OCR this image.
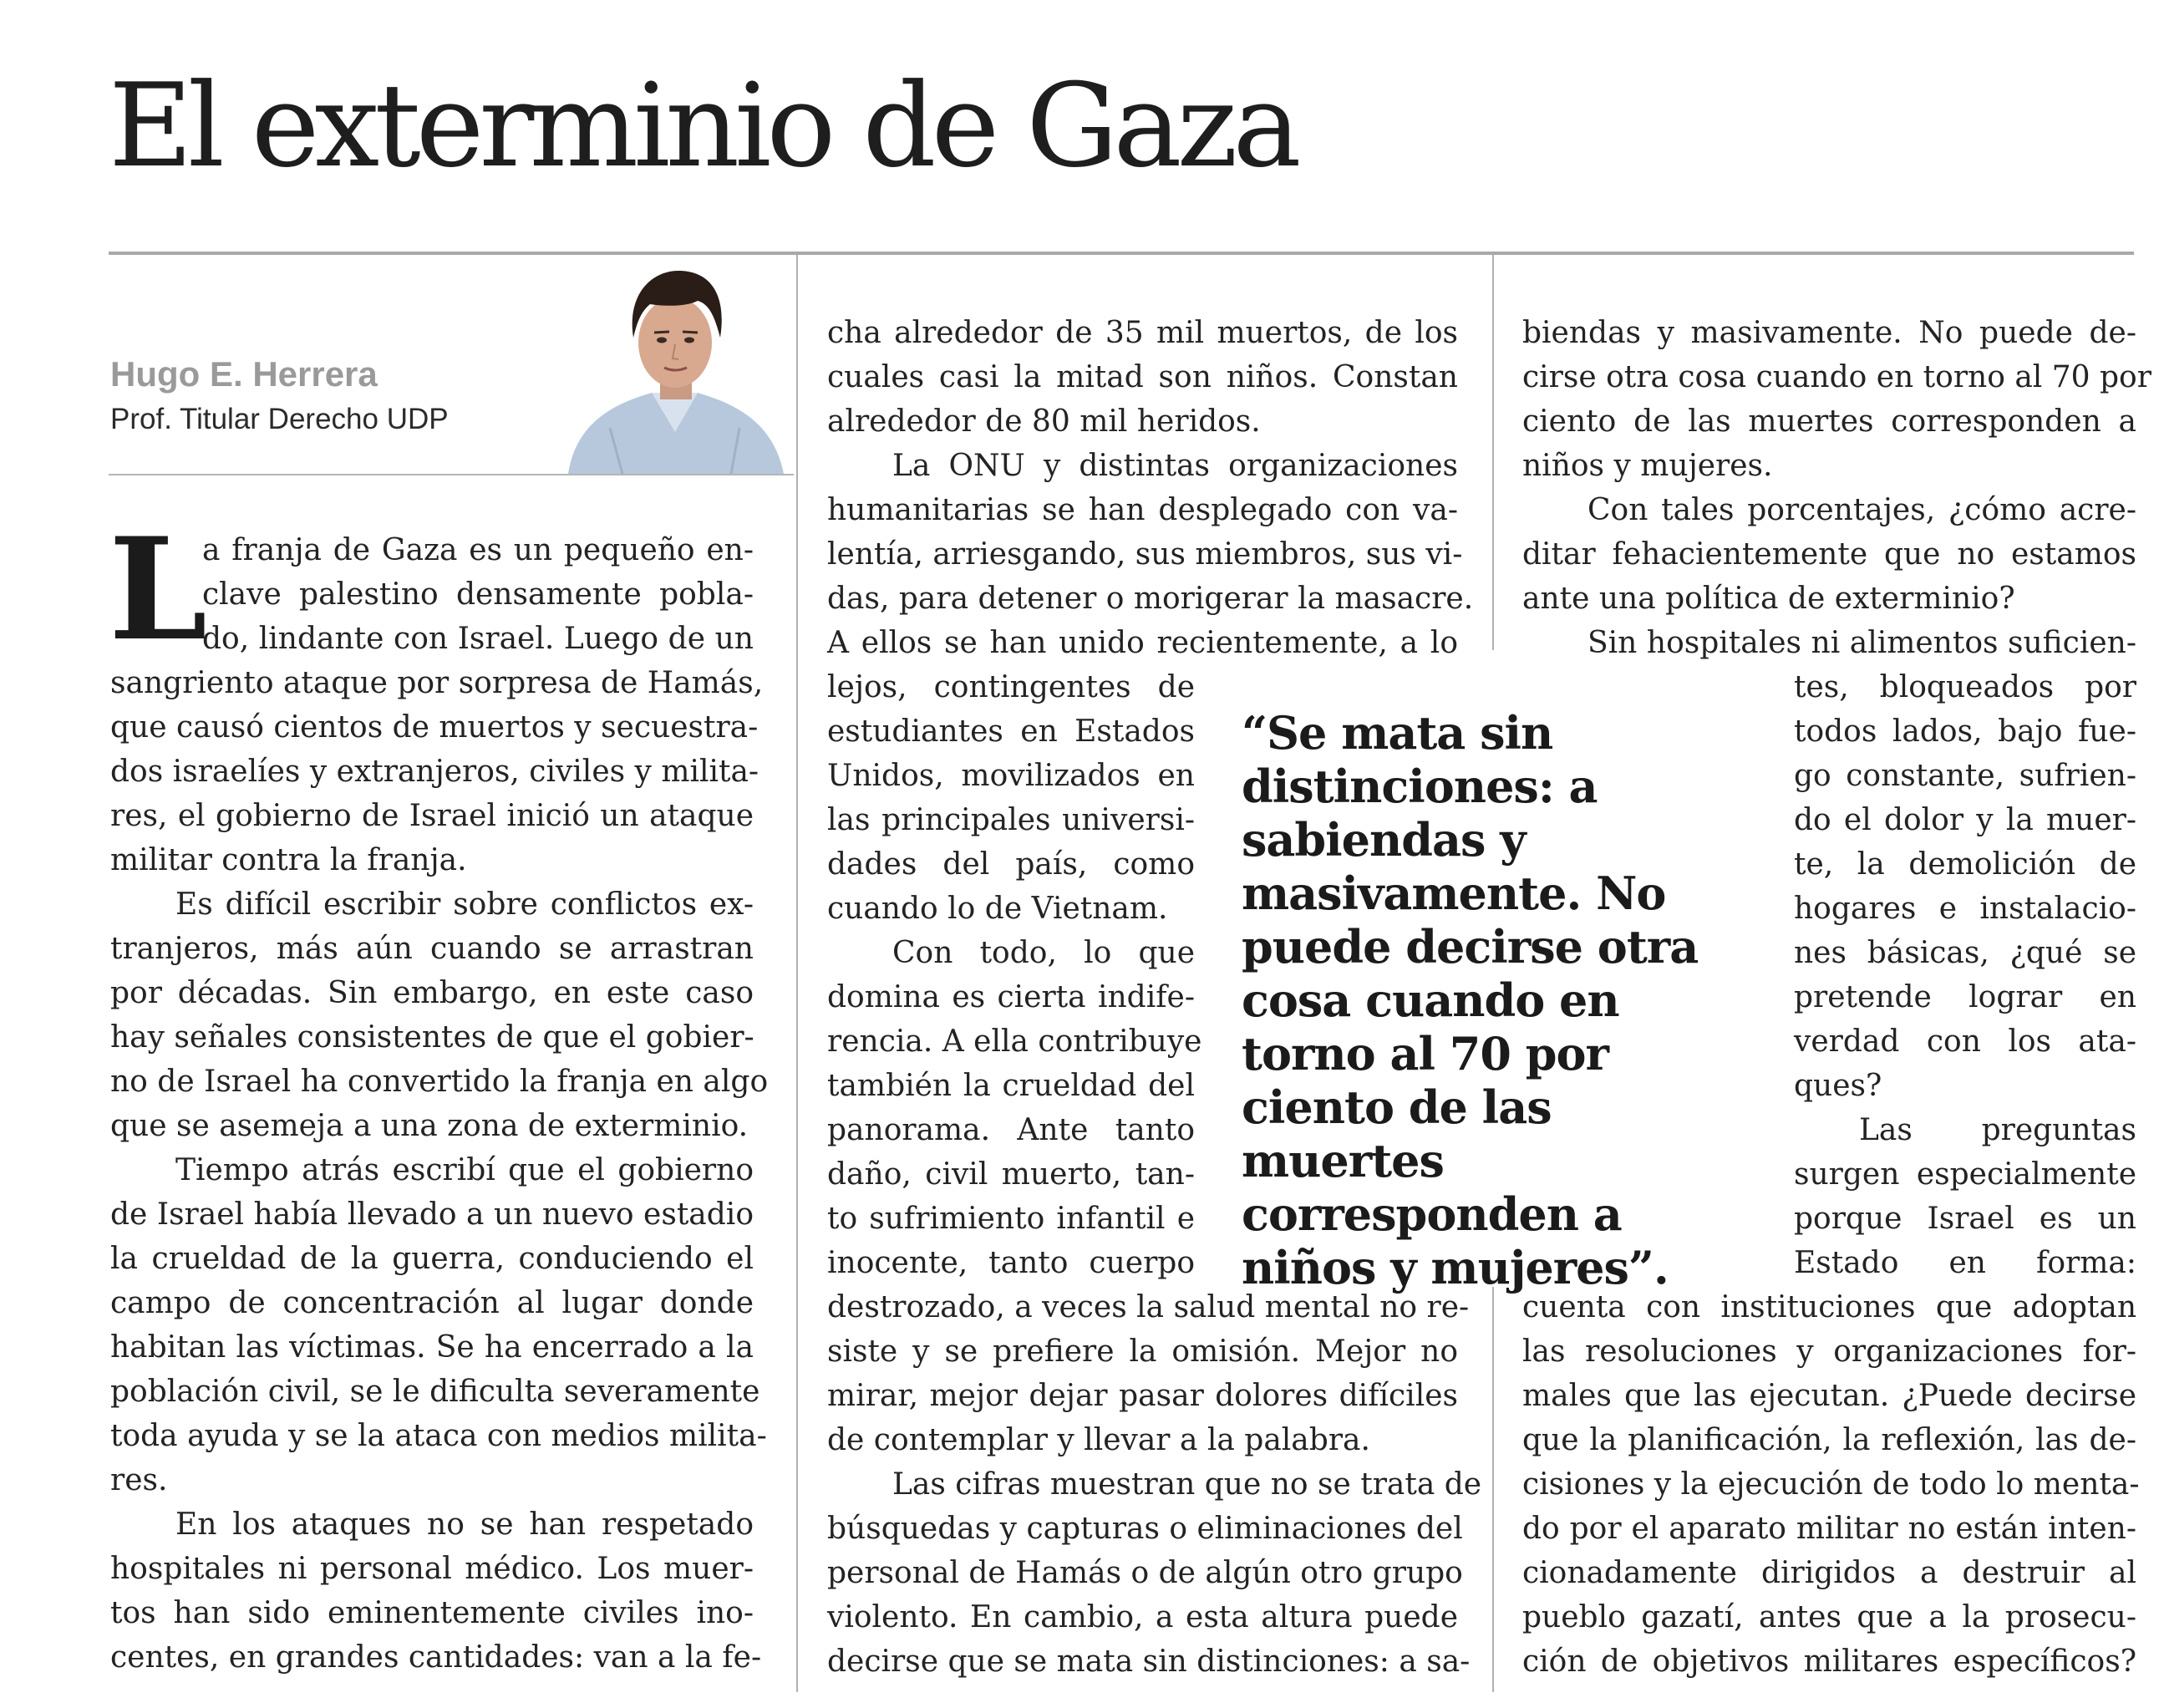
El exterminio de Gaza
Hugo E. Herrera
Prof. Titular Derecho UDP
L
a franja de Gaza es un pequeño en-
clave palestino densamente pobla-
do, lindante con Israel. Luego de un
sangriento ataque por sorpresa de Hamás,
que causó cientos de muertos y secuestra-
dos israelíes y extranjeros, civiles y milita-
res, el gobierno de Israel inició un ataque
militar contra la franja.
Es difícil escribir sobre conflictos ex-
tranjeros, más aún cuando se arrastran
por décadas. Sin embargo, en este caso
hay señales consistentes de que el gobier-
no de Israel ha convertido la franja en algo
que se asemeja a una zona de exterminio.
Tiempo atrás escribí que el gobierno
de Israel había llevado a un nuevo estadio
la crueldad de la guerra, conduciendo el
campo de concentración al lugar donde
habitan las víctimas. Se ha encerrado a la
población civil, se le dificulta severamente
toda ayuda y se la ataca con medios milita-
res.
En los ataques no se han respetado
hospitales ni personal médico. Los muer-
tos han sido eminentemente civiles ino-
centes, en grandes cantidades: van a la fe-
cha alrededor de 35 mil muertos, de los
cuales casi la mitad son niños. Constan
alrededor de 80 mil heridos.
La ONU y distintas organizaciones
humanitarias se han desplegado con va-
lentía, arriesgando, sus miembros, sus vi-
das, para detener o morigerar la masacre.
A ellos se han unido recientemente, a lo
lejos, contingentes de
estudiantes en Estados
Unidos, movilizados en
las principales universi-
dades del país, como
cuando lo de Vietnam.
Con todo, lo que
domina es cierta indife-
rencia. A ella contribuye
también la crueldad del
panorama. Ante tanto
daño, civil muerto, tan-
to sufrimiento infantil e
inocente, tanto cuerpo
destrozado, a veces la salud mental no re-
siste y se prefiere la omisión. Mejor no
mirar, mejor dejar pasar dolores difíciles
de contemplar y llevar a la palabra.
Las cifras muestran que no se trata de
búsquedas y capturas o eliminaciones del
personal de Hamás o de algún otro grupo
violento. En cambio, a esta altura puede
decirse que se mata sin distinciones: a sa-
biendas y masivamente. No puede de-
cirse otra cosa cuando en torno al 70 por
ciento de las muertes corresponden a
niños y mujeres.
Con tales porcentajes, ¿cómo acre-
ditar fehacientemente que no estamos
ante una política de exterminio?
Sin hospitales ni alimentos suficien-
tes, bloqueados por
todos lados, bajo fue-
go constante, sufrien-
do el dolor y la muer-
te, la demolición de
hogares e instalacio-
nes básicas, ¿qué se
pretende lograr en
verdad con los ata-
ques?
Las preguntas
surgen especialmente
porque Israel es un
Estado en forma:
cuenta con instituciones que adoptan
las resoluciones y organizaciones for-
males que las ejecutan. ¿Puede decirse
que la planificación, la reflexión, las de-
cisiones y la ejecución de todo lo menta-
do por el aparato militar no están inten-
cionadamente dirigidos a destruir al
pueblo gazatí, antes que a la prosecu-
ción de objetivos militares específicos?

“Se mata sin distinciones: a sabiendas y masivamente. No puede decirse otra cosa cuando en torno al 70 por ciento de las muertes corresponden a niños y mujeres”.
